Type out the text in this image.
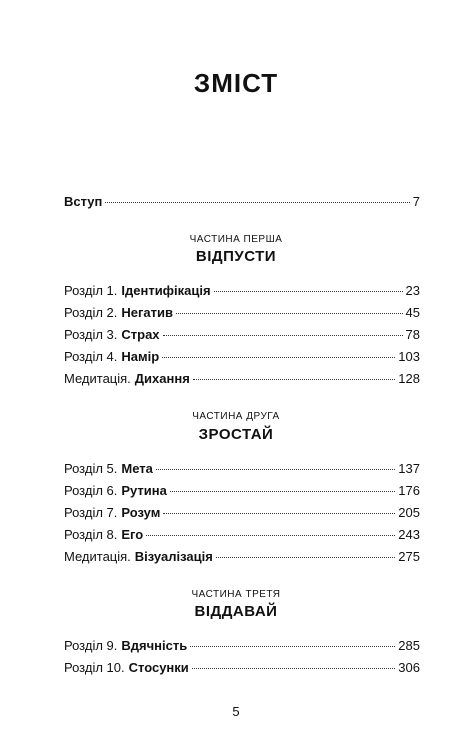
ЗМІСТ
Вступ	7
ЧАСТИНА ПЕРША
ВІДПУСТИ
Розділ 1. Ідентифікація	23
Розділ 2. Негатив	45
Розділ 3. Страх	78
Розділ 4. Намір	103
Медитація. Дихання	128
ЧАСТИНА ДРУГА
ЗРОСТАЙ
Розділ 5. Мета	137
Розділ 6. Рутина	176
Розділ 7. Розум	205
Розділ 8. Его	243
Медитація. Візуалізація	275
ЧАСТИНА ТРЕТЯ
ВІДДАВАЙ
Розділ 9. Вдячність	285
Розділ 10. Стосунки	306
5
